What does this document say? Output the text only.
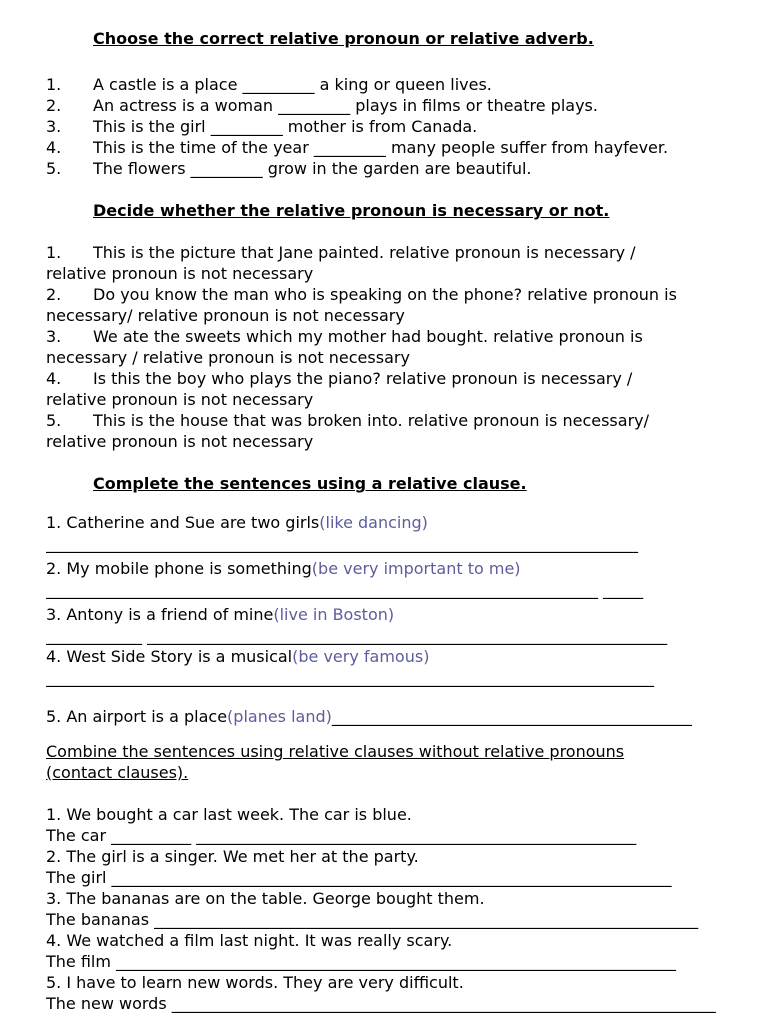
Choose the correct relative pronoun or relative adverb.
1. A castle is a place _________ a king or queen lives.
2. An actress is a woman _________ plays in films or theatre plays.
3. This is the girl _________ mother is from Canada.
4. This is the time of the year _________ many people suffer from hayfever.
5. The flowers _________ grow in the garden are beautiful.
Decide whether the relative pronoun is necessary or not.
1. This is the picture that Jane painted. relative pronoun is necessary /
relative pronoun is not necessary
2. Do you know the man who is speaking on the phone? relative pronoun is
necessary/ relative pronoun is not necessary
3. We ate the sweets which my mother had bought. relative pronoun is
necessary / relative pronoun is not necessary
4. Is this the boy who plays the piano? relative pronoun is necessary /
relative pronoun is not necessary
5. This is the house that was broken into. relative pronoun is necessary/
relative pronoun is not necessary
Complete the sentences using a relative clause.
1. Catherine and Sue are two girls(like dancing)
__________________________________________________________________________
2. My mobile phone is something(be very important to me)
_____________________________________________________________________ _____
3. Antony is a friend of mine(live in Boston)
____________ _________________________________________________________________
4. West Side Story is a musical(be very famous)
____________________________________________________________________________
5. An airport is a place(planes land)_____________________________________________
Combine the sentences using relative clauses without relative pronouns
(contact clauses).
1. We bought a car last week. The car is blue.
The car __________ _______________________________________________________
2. The girl is a singer. We met her at the party.
The girl ______________________________________________________________________
3. The bananas are on the table. George bought them.
The bananas ____________________________________________________________________
4. We watched a film last night. It was really scary.
The film ______________________________________________________________________
5. I have to learn new words. They are very difficult.
The new words ____________________________________________________________________
